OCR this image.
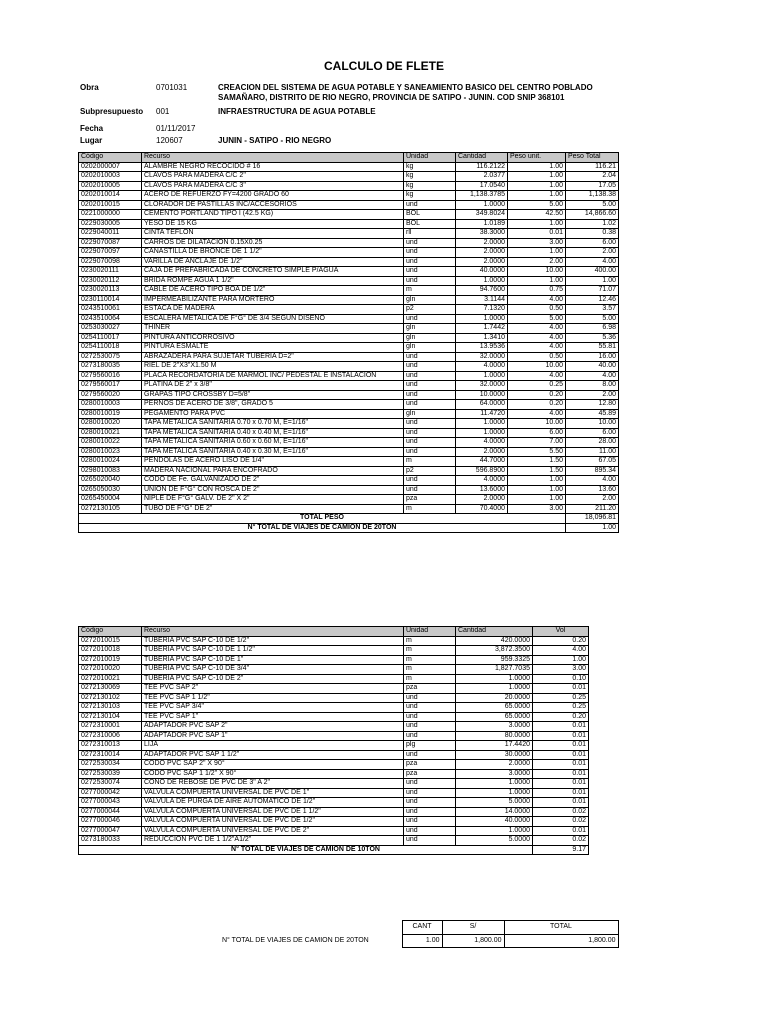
CALCULO DE FLETE
Obra	0701031	CREACION DEL SISTEMA DE AGUA POTABLE Y SANEAMIENTO BASICO DEL CENTRO POBLADO
SAMAÑARO, DISTRITO DE RIO NEGRO, PROVINCIA DE SATIPO - JUNIN. COD SNIP 368101
Subpresupuesto 001	INFRAESTRUCTURA DE AGUA POTABLE
Fecha	01/11/2017
Lugar	120607	JUNIN - SATIPO - RIO NEGRO
Código	Recurso	Unidad	Cantidad	Peso unit.	Peso Total
0202000007	ALAMBRE NEGRO RECOCIDO # 16	kg	116.2122	1.00	116.21
0202010003	CLAVOS PARA MADERA C/C 2"	kg	2.0377	1.00	2.04
0202010005	CLAVOS PARA MADERA C/C 3"	kg	17.0540	1.00	17.05
0202010014	ACERO DE REFUERZO FY=4200 GRADO 60	kg	1,138.3785	1.00	1,138.38
0202010015	CLORADOR DE PASTILLAS INC/ACCESORIOS	und	1.0000	5.00	5.00
0221000000	CEMENTO PORTLAND TIPO I (42.5 KG)	BOL	349.8024	42.50	14,866.60
0229030005	YESO DE 15 KG	BOL	1.0189	1.00	1.02
0229040011	CINTA TEFLON	rll	38.3000	0.01	0.38
0229070087	CARROS DE DILATACION 0.15X0.25	und	2.0000	3.00	6.00
0229070097	CANASTILLA DE BRONCE DE 1 1/2"	und	2.0000	1.00	2.00
0229070098	VARILLA DE ANCLAJE DE 1/2"	und	2.0000	2.00	4.00
0230020111	CAJA DE PREFABRICADA DE CONCRETO SIMPLE P/AGUA	und	40.0000	10.00	400.00
0230020112	BRIDA ROMPE AGUA 1 1/2"	und	1.0000	1.00	1.00
0230020113	CABLE DE ACERO TIPO BOA DE 1/2"	m	94.7600	0.75	71.07
0230110014	IMPERMEABILIZANTE PARA MORTERO	gln	3.1144	4.00	12.46
0243510061	ESTACA DE MADERA	p2	7.1320	0.50	3.57
0243510064	ESCALERA METALICA DE F°G° DE 3/4 SEGUN DISEÑO	und	1.0000	5.00	5.00
0253030027	THINER	gln	1.7442	4.00	6.98
0254110017	PINTURA ANTICORROSIVO	gln	1.3410	4.00	5.36
0254110018	PINTURA ESMALTE	gln	13.9536	4.00	55.81
0272530075	ABRAZADERA PARA SUJETAR TUBERIA D=2"	und	32.0000	0.50	16.00
0273180035	RIEL DE 2"X3"X1.50 M	und	4.0000	10.00	40.00
0279560016	PLACA RECORDATORIA DE MARMOL INC/ PEDESTAL E INSTALACION	und	1.0000	4.00	4.00
0279560017	PLATINA DE 2" x 3/8"	und	32.0000	0.25	8.00
0279560020	GRAPAS TIPO CROSSBY D=5/8"	und	10.0000	0.20	2.00
0280010003	PERNOS DE ACERO DE 3/8", GRADO 5	und	64.0000	0.20	12.80
0280010019	PEGAMENTO PARA PVC	gln	11.4720	4.00	45.89
0280010020	TAPA METALICA SANITARIA 0.70 x 0.70 M, E=1/16"	und	1.0000	10.00	10.00
0280010021	TAPA METALICA SANITARIA 0.40 x 0.40 M, E=1/16"	und	1.0000	6.00	6.00
0280010022	TAPA METALICA SANITARIA 0.60 x 0.60 M, E=1/16"	und	4.0000	7.00	28.00
0280010023	TAPA METALICA SANITARIA 0.40 x 0.30 M, E=1/16"	und	2.0000	5.50	11.00
0280010024	PENDOLAS DE ACERO LISO DE 1/4"	m	44.7000	1.50	67.05
0298010083	MADERA NACIONAL PARA ENCOFRADO	p2	596.8900	1.50	895.34
0265020040	CODO DE Fe. GALVANIZADO DE 2"	und	4.0000	1.00	4.00
0265050030	UNION DE F°G° CON ROSCA DE 2"	und	13.6000	1.00	13.60
0265450004	NIPLE DE F°G° GALV. DE 2" X 2"	pza	2.0000	1.00	2.00
0272130105	TUBO DE F°G° DE 2"	m	70.4000	3.00	211.20
TOTAL PESO					18,096.81
N° TOTAL DE VIAJES DE CAMION DE 20TON					1.00
Código	Recurso	Unidad	Cantidad	Vol
0272010015	TUBERIA PVC SAP C-10 DE 1/2"	m	420.0000	0.20
0272010018	TUBERIA PVC SAP C-10 DE 1 1/2"	m	3,872.3500	4.00
0272010019	TUBERIA PVC SAP C-10 DE 1"	m	959.3325	1.00
0272010020	TUBERIA PVC SAP C-10 DE 3/4"	m	1,827.7035	3.00
0272010021	TUBERIA PVC SAP C-10 DE 2"	m	1.0000	0.10
0272130069	TEE PVC SAP 2"	pza	1.0000	0.01
0272130102	TEE PVC SAP 1 1/2"	und	20.0000	0.25
0272130103	TEE PVC SAP 3/4"	und	65.0000	0.25
0272130104	TEE PVC SAP 1"	und	65.0000	0.20
0272310001	ADAPTADOR PVC SAP 2"	und	3.0000	0.01
0272310006	ADAPTADOR PVC SAP 1"	und	80.0000	0.01
0272310013	LIJA	plg	17.4420	0.01
0272310014	ADAPTADOR PVC SAP 1 1/2"	und	30.0000	0.01
0272530034	CODO PVC SAP 2" X 90°	pza	2.0000	0.01
0272530039	CODO PVC SAP 1 1/2" X 90°	pza	3.0000	0.01
0272530074	CONO DE REBOSE DE PVC DE 3" A 2"	und	1.0000	0.01
0277000042	VALVULA COMPUERTA UNIVERSAL DE PVC DE 1"	und	1.0000	0.01
0277000043	VALVULA DE PURGA DE AIRE AUTOMATICO DE 1/2"	und	5.0000	0.01
0277000044	VALVULA COMPUERTA UNIVERSAL DE PVC DE 1 1/2"	und	14.0000	0.02
0277000046	VALVULA COMPUERTA UNIVERSAL DE PVC DE 1/2"	und	40.0000	0.02
0277000047	VALVULA COMPUERTA UNIVERSAL DE PVC DE 2"	und	1.0000	0.01
0273180033	REDUCCION PVC DE 1 1/2"A1/2"	und	5.0000	0.02
N° TOTAL DE VIAJES DE CAMION DE 10TON				9.17
	CANT	S/	TOTAL
N° TOTAL DE VIAJES DE CAMION DE 20TON	1.00	1,800.00	1,800.00
